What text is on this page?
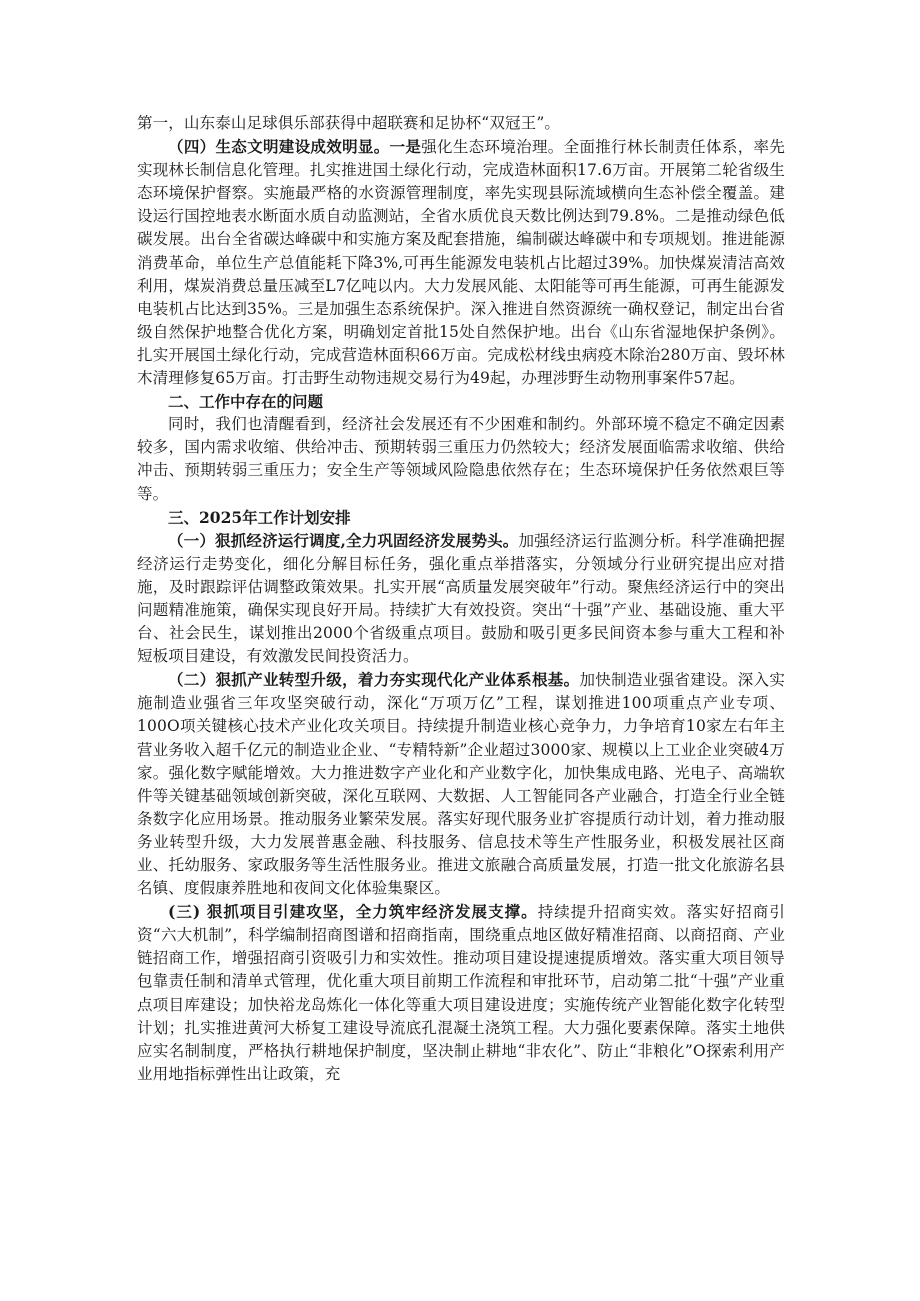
第一，山东泰山足球俱乐部获得中超联赛和足协杯“双冠王”。

（四）生态文明建设成效明显。一是强化生态环境治理。全面推行林长制责任体系，率先实现林长制信息化管理。扎实推进国土绿化行动，完成造林面积17.6万亩。开展第二轮省级生态环境保护督察。实施最严格的水资源管理制度，率先实现县际流域横向生态补偿全覆盖。建设运行国控地表水断面水质自动监测站，全省水质优良天数比例达到79.8%。二是推动绿色低碳发展。出台全省碳达峰碳中和实施方案及配套措施，编制碳达峰碳中和专项规划。推进能源消费革命，单位生产总值能耗下降3%,可再生能源发电装机占比超过39%。加快煤炭清洁高效利用，煤炭消费总量压减至L7亿吨以内。大力发展风能、太阳能等可再生能源，可再生能源发电装机占比达到35%。三是加强生态系统保护。深入推进自然资源统一确权登记，制定出台省级自然保护地整合优化方案，明确划定首批15处自然保护地。出台《山东省湿地保护条例》。扎实开展国土绿化行动，完成营造林面积66万亩。完成松材线虫病疫木除治280万亩、毁坏林木清理修复65万亩。打击野生动物违规交易行为49起，办理涉野生动物刑事案件57起。

二、工作中存在的问题

同时，我们也清醒看到，经济社会发展还有不少困难和制约。外部环境不稳定不确定因素较多，国内需求收缩、供给冲击、预期转弱三重压力仍然较大；经济发展面临需求收缩、供给冲击、预期转弱三重压力；安全生产等领域风险隐患依然存在；生态环境保护任务依然艰巨等等。

三、2025年工作计划安排

（一）狠抓经济运行调度,全力巩固经济发展势头。加强经济运行监测分析。科学准确把握经济运行走势变化，细化分解目标任务，强化重点举措落实，分领域分行业研究提出应对措施，及时跟踪评估调整政策效果。扎实开展“高质量发展突破年”行动。聚焦经济运行中的突出问题精准施策，确保实现良好开局。持续扩大有效投资。突出“十强”产业、基础设施、重大平台、社会民生，谋划推出2000个省级重点项目。鼓励和吸引更多民间资本参与重大工程和补短板项目建设，有效激发民间投资活力。

（二）狠抓产业转型升级，着力夯实现代化产业体系根基。加快制造业强省建设。深入实施制造业强省三年攻坚突破行动，深化“万项万亿”工程，谋划推进100项重点产业专项、100O项关键核心技术产业化攻关项目。持续提升制造业核心竞争力，力争培育10家左右年主营业务收入超千亿元的制造业企业、“专精特新”企业超过3000家、规模以上工业企业突破4万家。强化数字赋能增效。大力推进数字产业化和产业数字化，加快集成电路、光电子、高端软件等关键基础领域创新突破，深化互联网、大数据、人工智能同各产业融合，打造全行业全链条数字化应用场景。推动服务业繁荣发展。落实好现代服务业扩容提质行动计划，着力推动服务业转型升级，大力发展普惠金融、科技服务、信息技术等生产性服务业，积极发展社区商业、托幼服务、家政服务等生活性服务业。推进文旅融合高质量发展，打造一批文化旅游名县名镇、度假康养胜地和夜间文化体验集聚区。

(三) 狠抓项目引建攻坚，全力筑牢经济发展支撑。持续提升招商实效。落实好招商引资“六大机制”，科学编制招商图谱和招商指南，围绕重点地区做好精准招商、以商招商、产业链招商工作，增强招商引资吸引力和实效性。推动项目建设提速提质增效。落实重大项目领导包靠责任制和清单式管理，优化重大项目前期工作流程和审批环节，启动第二批“十强”产业重点项目库建设；加快裕龙岛炼化一体化等重大项目建设进度；实施传统产业智能化数字化转型计划；扎实推进黄河大桥复工建设导流底孔混凝土浇筑工程。大力强化要素保障。落实土地供应实名制制度，严格执行耕地保护制度，坚决制止耕地“非农化”、防止“非粮化”O探索利用产业用地指标弹性出让政策，充
